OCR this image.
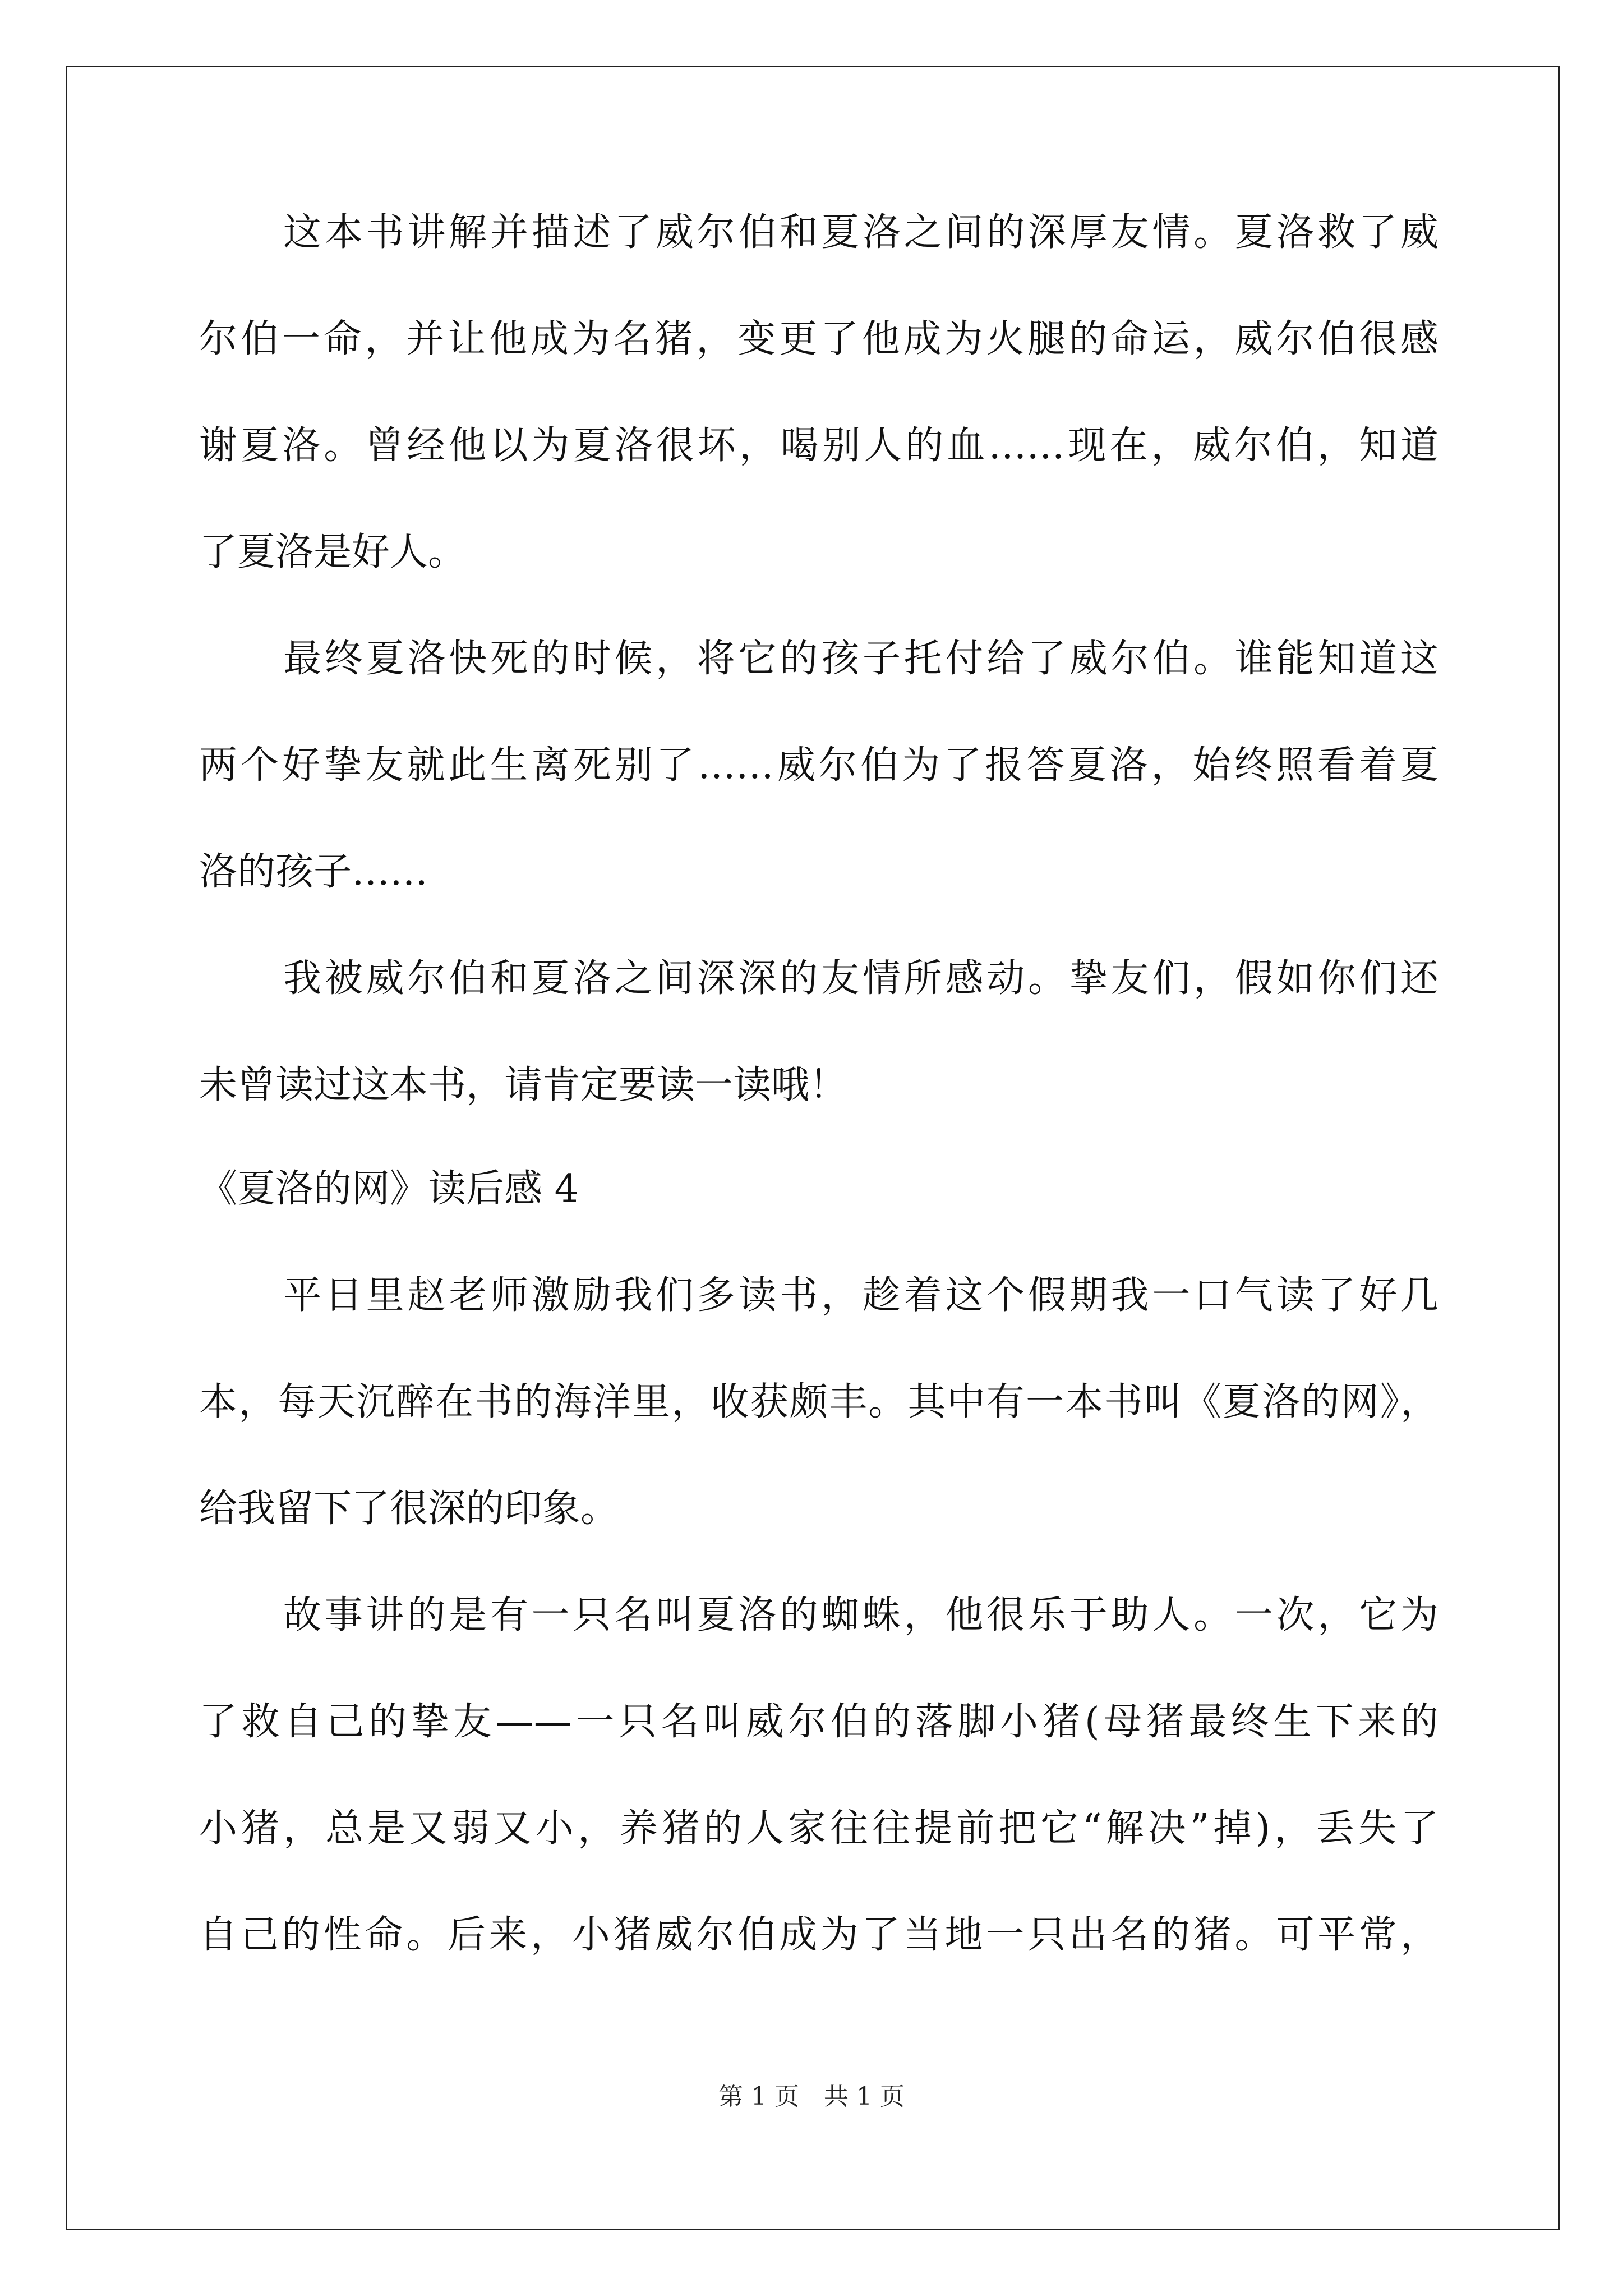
这本书讲解并描述了威尔伯和夏洛之间的深厚友情。夏洛救了威
尔伯一命，并让他成为名猪，变更了他成为火腿的命运，威尔伯很感
谢夏洛。曾经他以为夏洛很坏，喝别人的血……现在，威尔伯，知道
了夏洛是好人。
最终夏洛快死的时候，将它的孩子托付给了威尔伯。谁能知道这
两个好挚友就此生离死别了……威尔伯为了报答夏洛，始终照看着夏
洛的孩子……
我被威尔伯和夏洛之间深深的友情所感动。挚友们，假如你们还
未曾读过这本书，请肯定要读一读哦！
《夏洛的网》读后感 4
平日里赵老师激励我们多读书，趁着这个假期我一口气读了好几
本，每天沉醉在书的海洋里，收获颇丰。其中有一本书叫《夏洛的网》，
给我留下了很深的印象。
故事讲的是有一只名叫夏洛的蜘蛛，他很乐于助人。一次，它为
了救自己的挚友——一只名叫威尔伯的落脚小猪(母猪最终生下来的
小猪，总是又弱又小，养猪的人家往往提前把它“解决”掉)，丢失了
自己的性命。后来，小猪威尔伯成为了当地一只出名的猪。可平常，
第 1 页　共 1 页
